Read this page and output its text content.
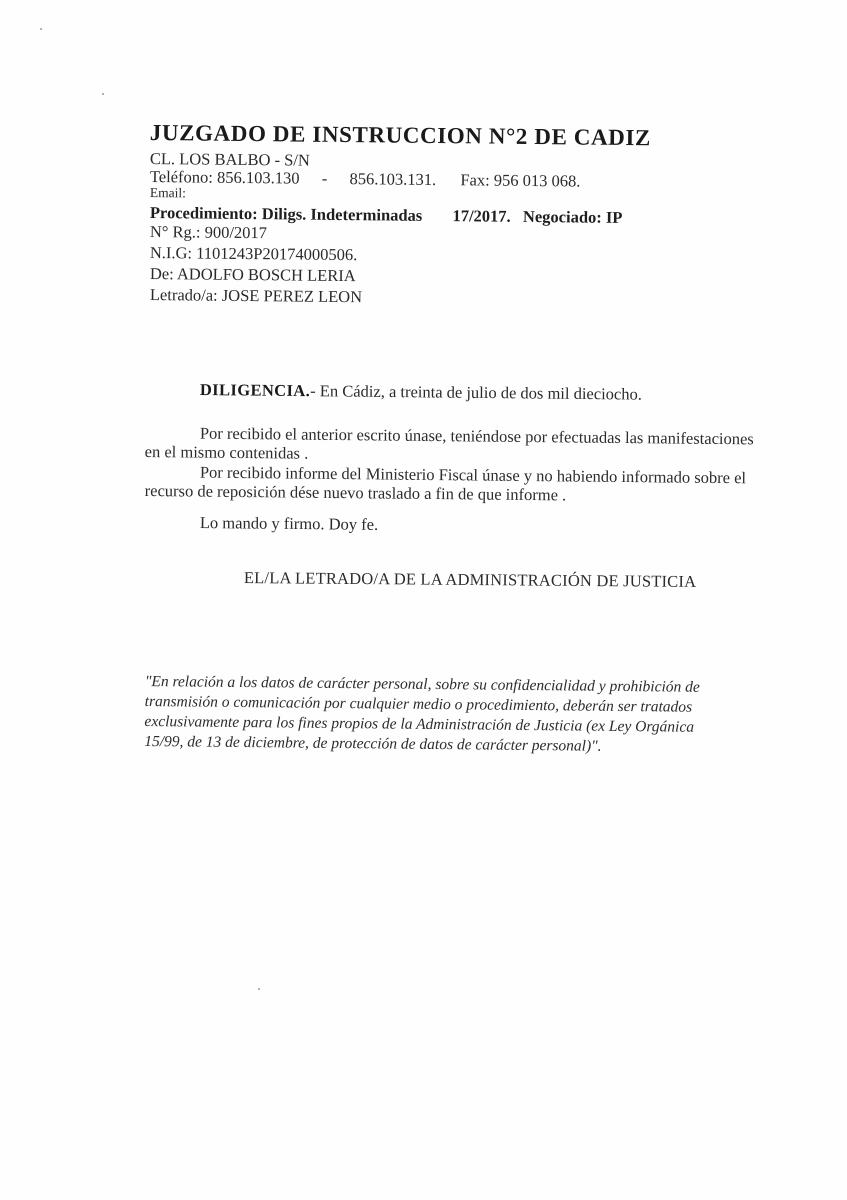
JUZGADO DE INSTRUCCION N°2 DE CADIZ
CL. LOS BALBO - S/N
Teléfono: 856.103.130 - 856.103.131. Fax: 956 013 068.
Email:
Procedimiento: Diligs. Indeterminadas 17/2017. Negociado: IP
N° Rg.: 900/2017
N.I.G: 1101243P20174000506.
De: ADOLFO BOSCH LERIA
Letrado/a: JOSE PEREZ LEON
DILIGENCIA.- En Cádiz, a treinta de julio de dos mil dieciocho.
Por recibido el anterior escrito únase, teniéndose por efectuadas las manifestaciones
en el mismo contenidas .
Por recibido informe del Ministerio Fiscal únase y no habiendo informado sobre el
recurso de reposición dése nuevo traslado a fin de que informe .
Lo mando y firmo. Doy fe.
EL/LA LETRADO/A DE LA ADMINISTRACIÓN DE JUSTICIA
"En relación a los datos de carácter personal, sobre su confidencialidad y prohibición de
transmisión o comunicación por cualquier medio o procedimiento, deberán ser tratados
exclusivamente para los fines propios de la Administración de Justicia (ex Ley Orgánica
15/99, de 13 de diciembre, de protección de datos de carácter personal)".
